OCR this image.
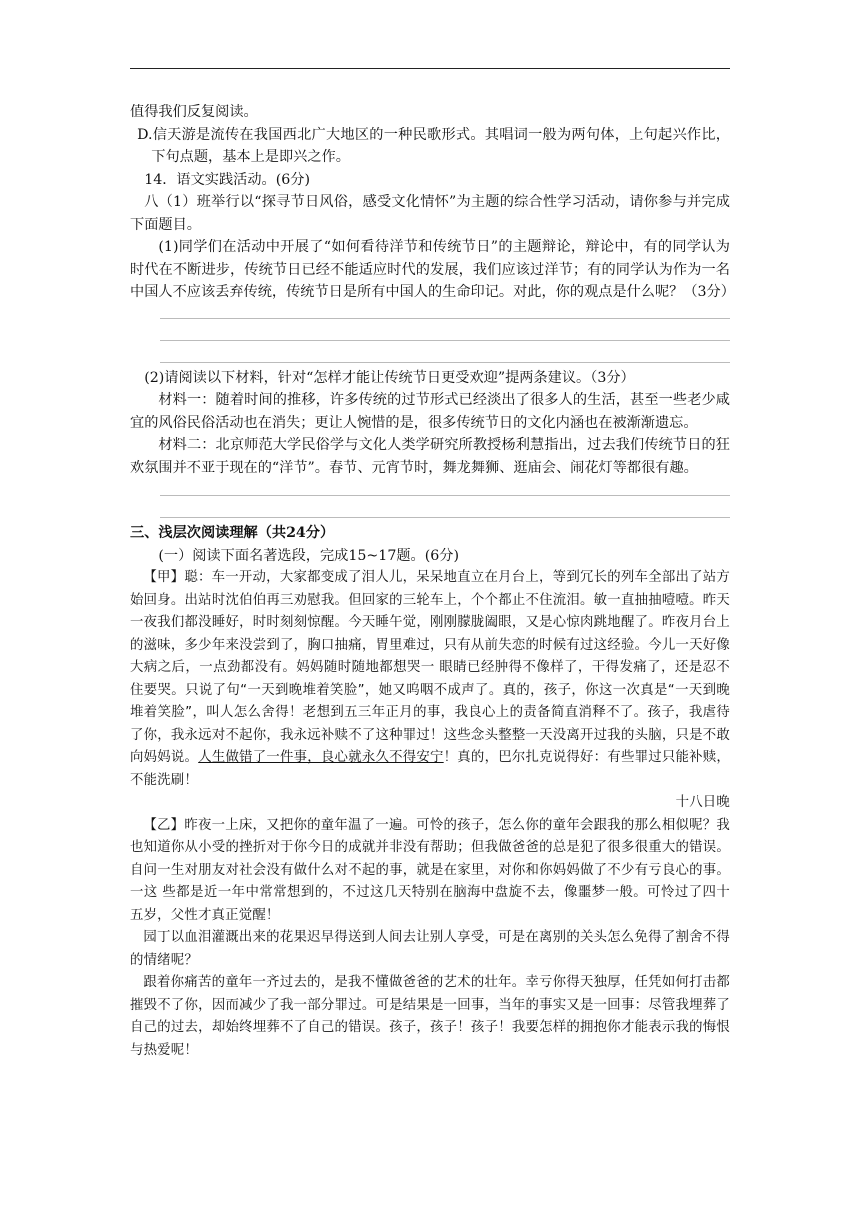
值得我们反复阅读。

D.信天游是流传在我国西北广大地区的一种民歌形式。其唱词一般为两句体，上句起兴作比，下句点题，基本上是即兴之作。

14．语文实践活动。(6分)

八（1）班举行以“探寻节日风俗，感受文化情怀”为主题的综合性学习活动，请你参与并完成下面题目。

(1)同学们在活动中开展了“如何看待洋节和传统节日”的主题辩论，辩论中，有的同学认为时代在不断进步，传统节日已经不能适应时代的发展，我们应该过洋节；有的同学认为作为一名中国人不应该丢弃传统，传统节日是所有中国人的生命印记。对此，你的观点是什么呢？（3分）

(2)请阅读以下材料，针对“怎样才能让传统节日更受欢迎”提两条建议。（3分）

材料一：随着时间的推移，许多传统的过节形式已经淡出了很多人的生活，甚至一些老少咸宜的风俗民俗活动也在消失；更让人惋惜的是，很多传统节日的文化内涵也在被渐渐遗忘。

材料二：北京师范大学民俗学与文化人类学研究所教授杨利慧指出，过去我们传统节日的狂欢氛围并不亚于现在的“洋节”。春节、元宵节时，舞龙舞狮、逛庙会、闹花灯等都很有趣。

三、浅层次阅读理解（共24分）

(一）阅读下面名著选段，完成15~17题。(6分)

【甲】聪：车一开动，大家都变成了泪人儿，呆呆地直立在月台上，等到冗长的列车全部出了站方始回身。出站时沈伯伯再三劝慰我。但回家的三轮车上，个个都止不住流泪。敏一直抽抽噎噎。昨天一夜我们都没睡好，时时刻刻惊醒。今天睡午觉，刚刚朦胧阖眼，又是心惊肉跳地醒了。昨夜月台上的滋味，多少年来没尝到了，胸口抽痛，胃里难过，只有从前失恋的时候有过这经验。今儿一天好像大病之后，一点劲都没有。妈妈随时随地都想哭一 眼睛已经肿得不像样了，干得发痛了，还是忍不住要哭。只说了句“一天到晚堆着笑脸”，她又呜咽不成声了。真的，孩子，你这一次真是“一天到晚堆着笑脸”，叫人怎么舍得！老想到五三年正月的事，我良心上的责备简直消释不了。孩子，我虐待了你，我永远对不起你，我永远补赎不了这种罪过！这些念头整整一天没离开过我的头脑，只是不敢向妈妈说。人生做错了一件事，良心就永久不得安宁！真的，巴尔扎克说得好：有些罪过只能补赎，不能洗刷！

十八日晚

【乙】昨夜一上床，又把你的童年温了一遍。可怜的孩子，怎么你的童年会跟我的那么相似呢？我也知道你从小受的挫折对于你今日的成就并非没有帮助；但我做爸爸的总是犯了很多很重大的错误。自问一生对朋友对社会没有做什么对不起的事，就是在家里，对你和你妈妈做了不少有亏良心的事。一这 些都是近一年中常常想到的，不过这几天特别在脑海中盘旋不去，像噩梦一般。可怜过了四十五岁，父性才真正觉醒！

园丁以血泪灌溉出来的花果迟早得送到人间去让别人享受，可是在离别的关头怎么免得了割舍不得的情绪呢？

跟着你痛苦的童年一齐过去的，是我不懂做爸爸的艺术的壮年。幸亏你得天独厚，任凭如何打击都摧毁不了你，因而减少了我一部分罪过。可是结果是一回事，当年的事实又是一回事：尽管我埋葬了自己的过去，却始终埋葬不了自己的错误。孩子，孩子！孩子！我要怎样的拥抱你才能表示我的悔恨与热爱呢！
